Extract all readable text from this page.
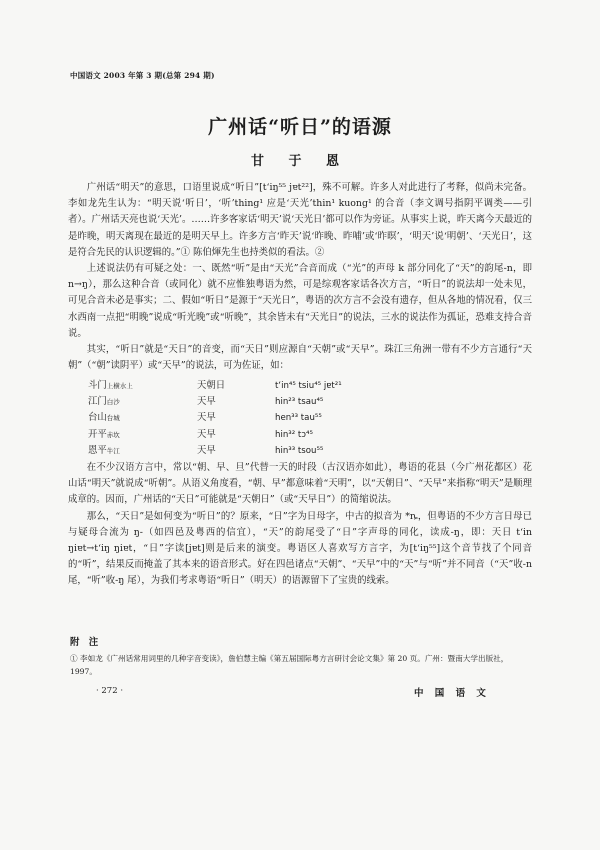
中国语文 2003 年第 3 期(总第 294 期)
广州话“听日”的语源
甘 于 恩

广州话“明天”的意思，口语里说成“听日”[tʻiŋ⁵⁵ jɐt²²]，殊不可解。许多人对此进行了考释，似尚未完备。李如龙先生认为：“明天说‘听日’，‘听’thing¹ 应是‘天光’thin¹ kuong¹ 的合音（李文调号指阴平调类——引者）。广州话天亮也说‘天光’。……许多客家话‘明天’说‘天光日’都可以作为旁证。从事实上说，昨天离今天最近的是昨晚，明天离现在最近的是明天早上。许多方言‘昨天’说‘昨晚、昨哺’或‘昨暝’，‘明天’说‘明朝’、‘天光日’，这是符合先民的认识逻辑的。”① 陈伯煇先生也持类似的看法。②

上述说法仍有可疑之处：一、既然“听”是由“天光”合音而成（“光”的声母 k 部分同化了“天”的韵尾-n，即 n→ŋ），那么这种合音（或同化）就不应惟独粤语为然，可是综观客家话各次方言，“听日”的说法却一处未见，可见合音未必是事实；二、假如“听日”是源于“天光日”，粤语的次方言不会没有遗存，但从各地的情况看，仅三水西南一点把“明晚”说成“听光晚”或“听晚”，其余皆未有“天光日”的说法，三水的说法作为孤证，恐难支持合音说。

其实，“听日”就是“天日”的音变，而“天日”则应源自“天朝”或“天早”。珠江三角洲一带有不少方言通行“天朝”（“朝”读阴平）或“天早”的说法，可为佐证，如：

斗门上横水上	天朝日	tʻin⁴⁵ tsiu⁴⁵ jɐt²¹
江门白沙	天早	hin²³ tsau⁴⁵
台山台城	天早	hen³³ tau⁵⁵
开平赤坎	天早	hin³² tɔ⁴⁵
恩平牛江	天早	hin³³ tsou⁵⁵

在不少汉语方言中，常以“朝、早、旦”代替一天的时段（古汉语亦如此），粤语的花县（今广州花都区）花山话“明天”就说成“听朝”。从语义角度看，“朝、早”都意味着“天明”，以“天朝日”、“天早”来指称“明天”是顺理成章的。因而，广州话的“天日”可能就是“天朝日”（或“天早日”）的简缩说法。

那么，“天日”是如何变为“听日”的？原来，“日”字为日母字，中古的拟音为 *ȵ，但粤语的不少方言日母已与疑母合流为 ŋ-（如四邑及粤西的信宜），“天”的韵尾受了“日”字声母的同化，读成-ŋ，即：天日 tʻin ŋiɐt→tʻiŋ ŋiɐt，“日”字读[jɐt]则是后来的演变。粤语区人喜欢写方言字，为[tʻiŋ⁵⁵]这个音节找了个同音的“听”，结果反而掩盖了其本来的语音形式。好在四邑诸点“天朝”、“天早”中的“天”与“听”并不同音（“天”收-n 尾，“听”收-ŋ 尾），为我们考求粤语“听日”（明天）的语源留下了宝贵的线索。

附　注
① 李如龙《广州话常用词里的几种字音变读》，詹伯慧主编《第五届国际粤方言研讨会论文集》第 20 页。广州：暨南大学出版社，1997。
· 272 ·	中 国 语 文
